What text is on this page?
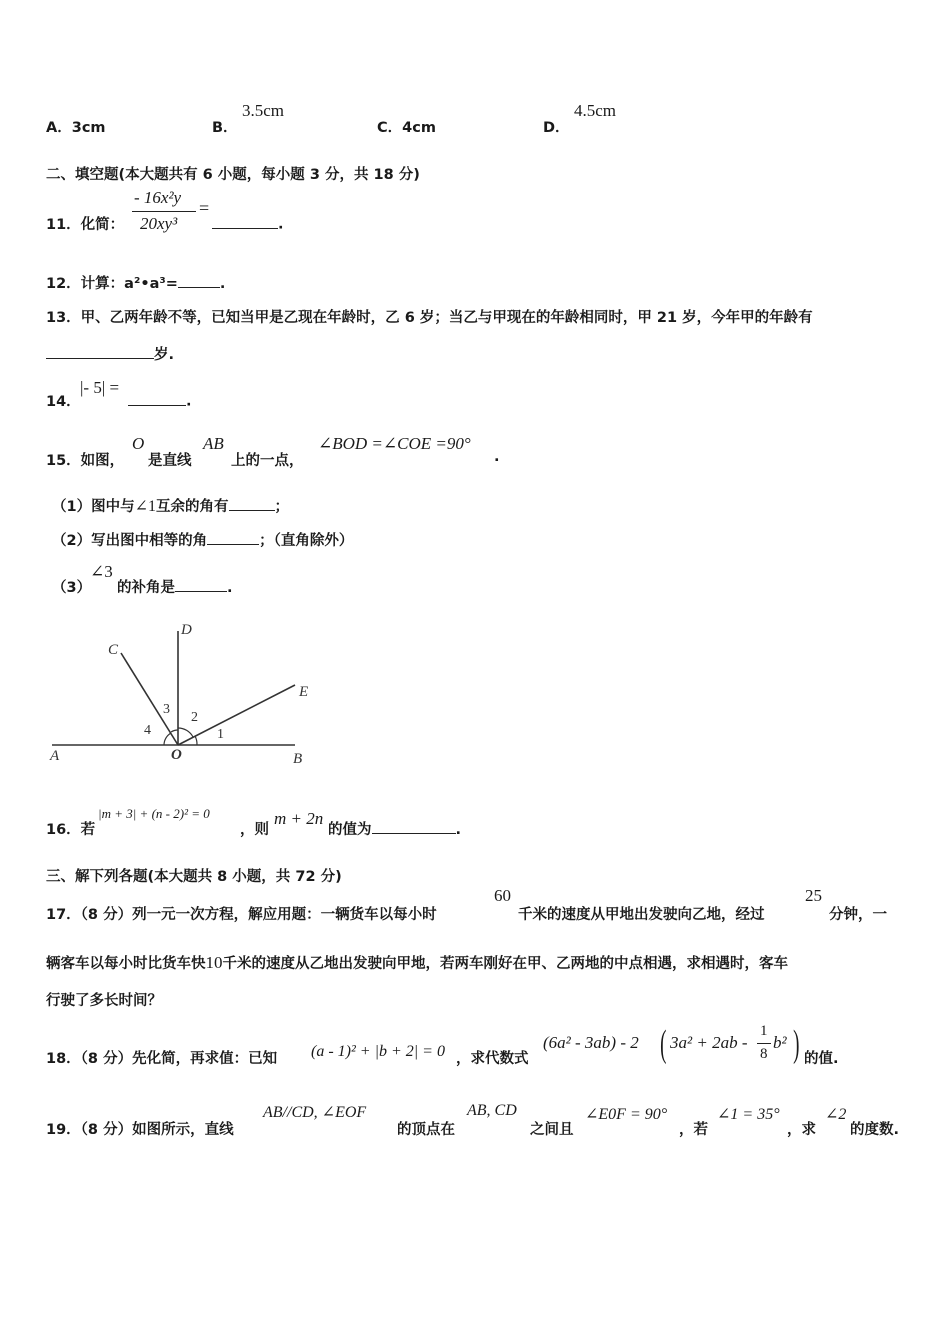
A．3cm	B．
3.5cm
C．4cm	D．
4.5cm
二、填空题(本大题共有 6 小题，每小题 3 分，共 18 分)
11．化简：
- 16x²y
20xy³
=
.
12．计算：a²•a³=	.
13．甲、乙两年龄不等，已知当甲是乙现在年龄时，乙 6 岁；当乙与甲现在的年龄相同时，甲 21 岁，今年甲的年龄有
岁.
14．
|- 5| =
.
15．如图，
O
是直线
AB
上的一点，
∠BOD =∠COE =90°
.
（1）图中与∠1互余的角有	；
（2）写出图中相等的角	；（直角除外）
（3）
∠3
的补角是	.
A	B
C
D
E
O
1
2
3
4
16．若
|m + 3| + (n - 2)² = 0
，则
m + 2n
的值为	.
三、解下列各题(本大题共 8 小题，共 72 分)
17．（8 分）列一元一次方程，解应用题：一辆货车以每小时
60
千米的速度从甲地出发驶向乙地，经过
25
分钟，一
辆客车以每小时比货车快10千米的速度从乙地出发驶向甲地，若两车刚好在甲、乙两地的中点相遇，求相遇时，客车
行驶了多长时间？
18．（8 分）先化简，再求值：已知 (a - 1)² + |b + 2| = 0 ，求代数式
(6a² - 3ab) - 2 ( 3a² + 2ab -
1
8
b² ) 的值.
19．（8 分）如图所示，直线
AB//CD, ∠EOF
的顶点在
AB, CD
之间且
∠E0F = 90°
，若
∠1 = 35°
，求
∠2
的度数.
